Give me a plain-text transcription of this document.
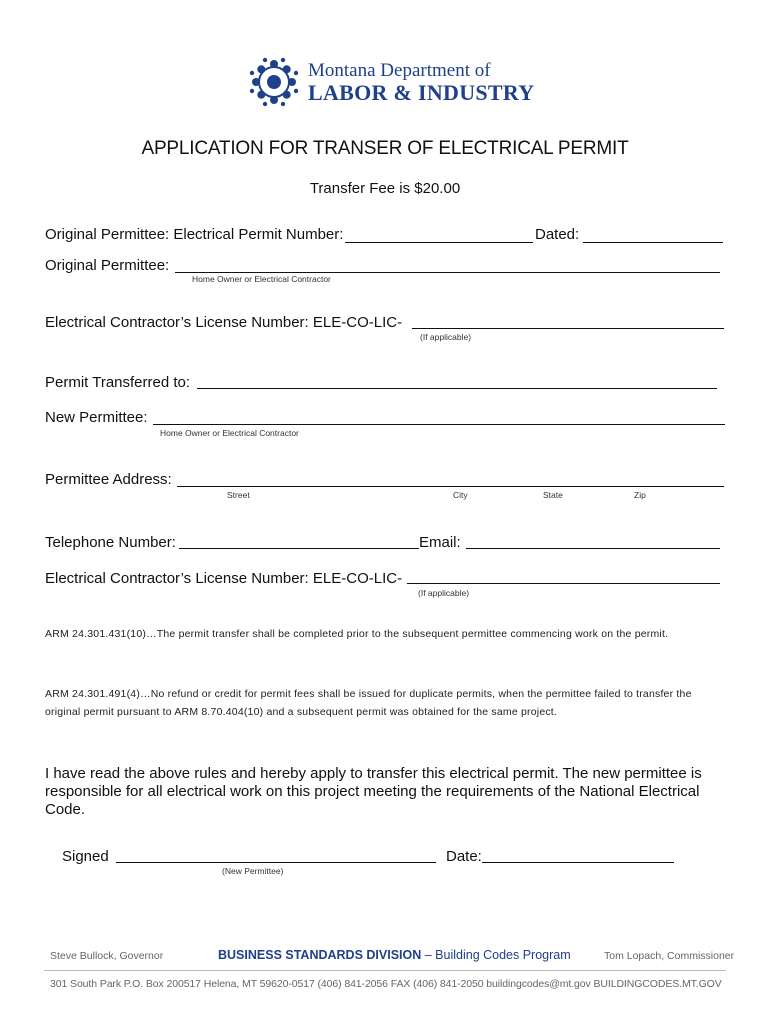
Montana Department of
LABOR & INDUSTRY
APPLICATION FOR TRANSER OF ELECTRICAL PERMIT
Transfer Fee is $20.00
Original Permittee: Electrical Permit Number:	Dated:
Original Permittee:
Home Owner or Electrical Contractor
Electrical Contractor’s License Number: ELE-CO-LIC-
(If applicable)
Permit Transferred to:
New Permittee:
Home Owner or Electrical Contractor
Permittee Address:
Street	City	State	Zip
Telephone Number:	Email:
Electrical Contractor’s License Number: ELE-CO-LIC-
(If applicable)
ARM 24.301.431(10)…The permit transfer shall be completed prior to the subsequent permittee commencing work on the permit.
ARM 24.301.491(4)…No refund or credit for permit fees shall be issued for duplicate permits, when the permittee failed to transfer the original permit pursuant to ARM 8.70.404(10) and a subsequent permit was obtained for the same project.
I have read the above rules and hereby apply to transfer this electrical permit. The new permittee is responsible for all electrical work on this project meeting the requirements of the National Electrical Code.
Signed
(New Permittee)
Date:
Steve Bullock, Governor	BUSINESS STANDARDS DIVISION – Building Codes Program	Tom Lopach, Commissioner
301 South Park P.O. Box 200517 Helena, MT 59620-0517 (406) 841-2056 FAX (406) 841-2050 buildingcodes@mt.gov BUILDINGCODES.MT.GOV
